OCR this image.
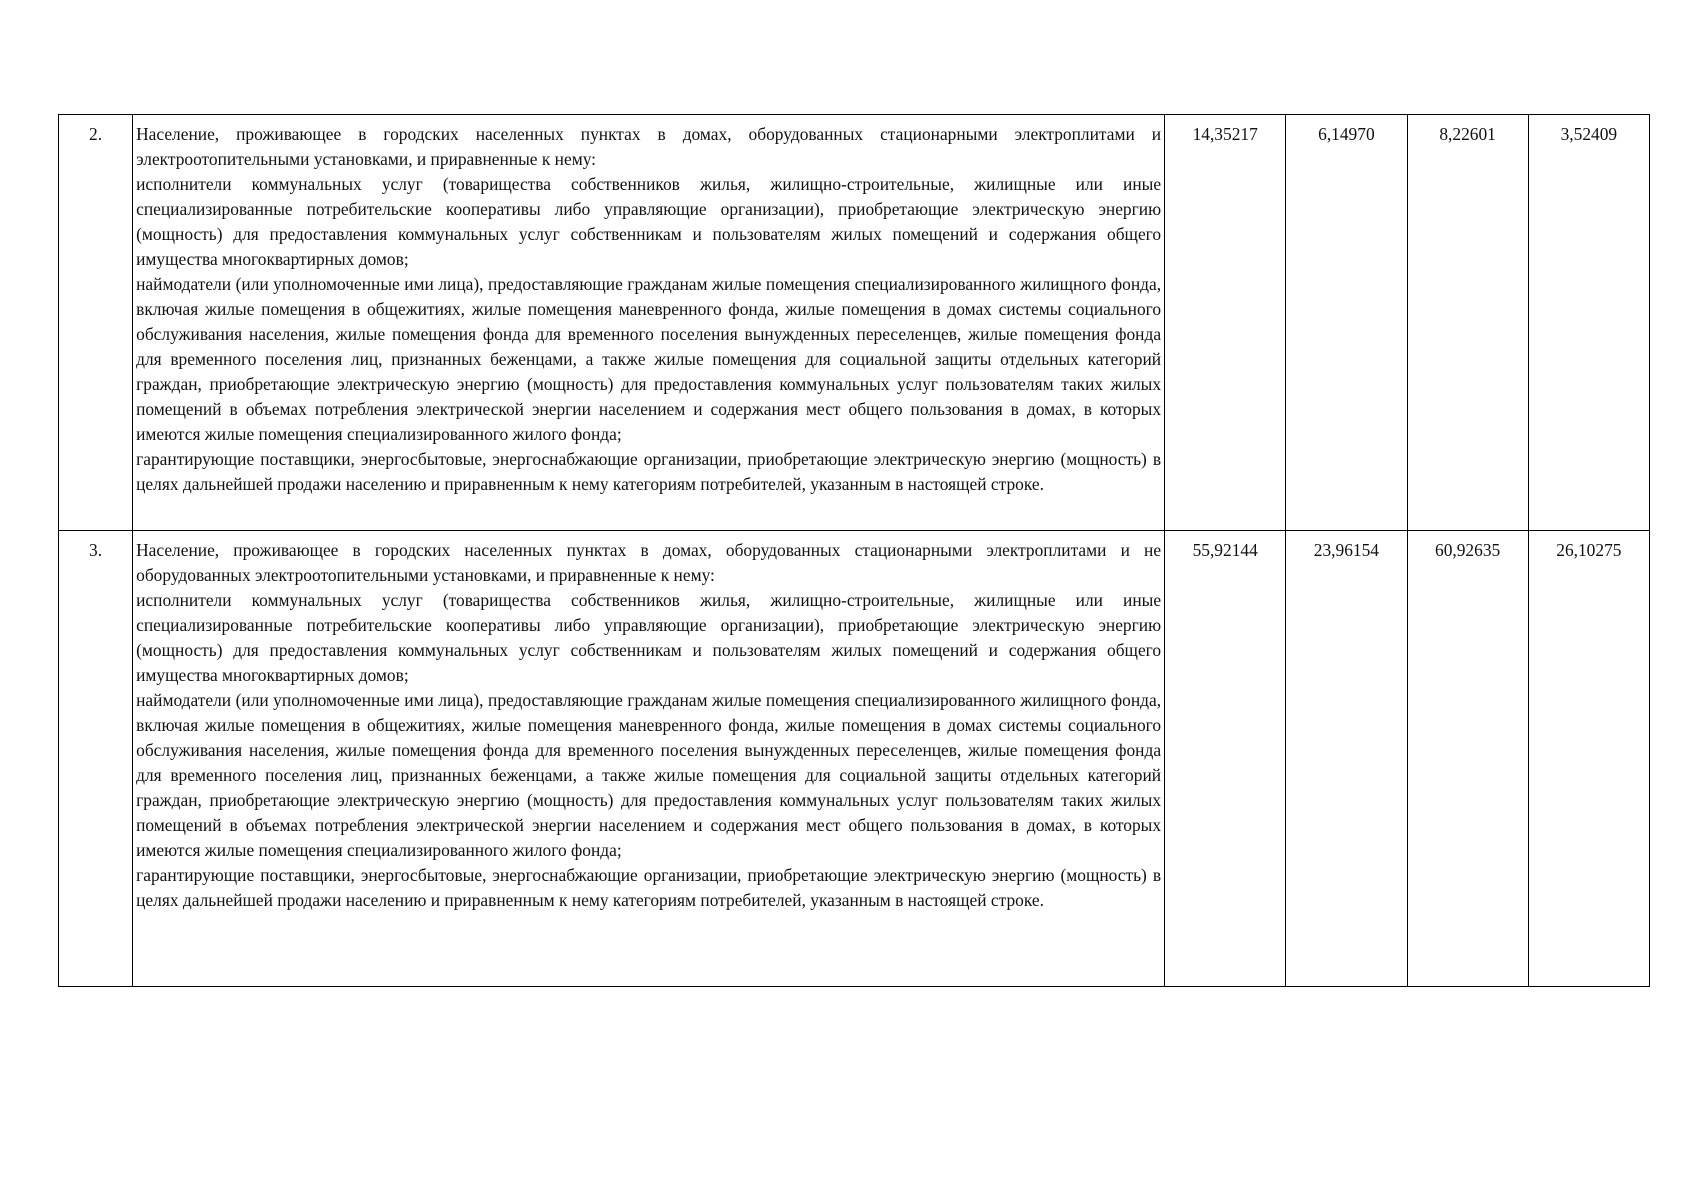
2.	Население, проживающее в городских населенных пунктах в домах, оборудованных стационарными электроплитами и электроотопительными установками, и приравненные к нему:

исполнители коммунальных услуг (товарищества собственников жилья, жилищно-строительные, жилищные или иные специализированные потребительские кооперативы либо управляющие организации), приобретающие электрическую энергию (мощность) для предоставления коммунальных услуг собственникам и пользователям жилых помещений и содержания общего имущества многоквартирных домов;

наймодатели (или уполномоченные ими лица), предоставляющие гражданам жилые помещения специализированного жилищного фонда, включая жилые помещения в общежитиях, жилые помещения маневренного фонда, жилые помещения в домах системы социального обслуживания населения, жилые помещения фонда для временного поселения вынужденных переселенцев, жилые помещения фонда для временного поселения лиц, признанных беженцами, а также жилые помещения для социальной защиты отдельных категорий граждан, приобретающие электрическую энергию (мощность) для предоставления коммунальных услуг пользователям таких жилых помещений в объемах потребления электрической энергии населением и содержания мест общего пользования в домах, в которых имеются жилые помещения специализированного жилого фонда;

гарантирующие поставщики, энергосбытовые, энергоснабжающие организации, приобретающие электрическую энергию (мощность) в целях дальнейшей продажи населению и приравненным к нему категориям потребителей, указанным в настоящей строке.	14,35217	6,14970	8,22601	3,52409
3.	Население, проживающее в городских населенных пунктах в домах, оборудованных стационарными электроплитами и не оборудованных электроотопительными установками, и приравненные к нему:

исполнители коммунальных услуг (товарищества собственников жилья, жилищно-строительные, жилищные или иные специализированные потребительские кооперативы либо управляющие организации), приобретающие электрическую энергию (мощность) для предоставления коммунальных услуг собственникам и пользователям жилых помещений и содержания общего имущества многоквартирных домов;

наймодатели (или уполномоченные ими лица), предоставляющие гражданам жилые помещения специализированного жилищного фонда, включая жилые помещения в общежитиях, жилые помещения маневренного фонда, жилые помещения в домах системы социального обслуживания населения, жилые помещения фонда для временного поселения вынужденных переселенцев, жилые помещения фонда для временного поселения лиц, признанных беженцами, а также жилые помещения для социальной защиты отдельных категорий граждан, приобретающие электрическую энергию (мощность) для предоставления коммунальных услуг пользователям таких жилых помещений в объемах потребления электрической энергии населением и содержания мест общего пользования в домах, в которых имеются жилые помещения специализированного жилого фонда;

гарантирующие поставщики, энергосбытовые, энергоснабжающие организации, приобретающие электрическую энергию (мощность) в целях дальнейшей продажи населению и приравненным к нему категориям потребителей, указанным в настоящей строке.	55,92144	23,96154	60,92635	26,10275
